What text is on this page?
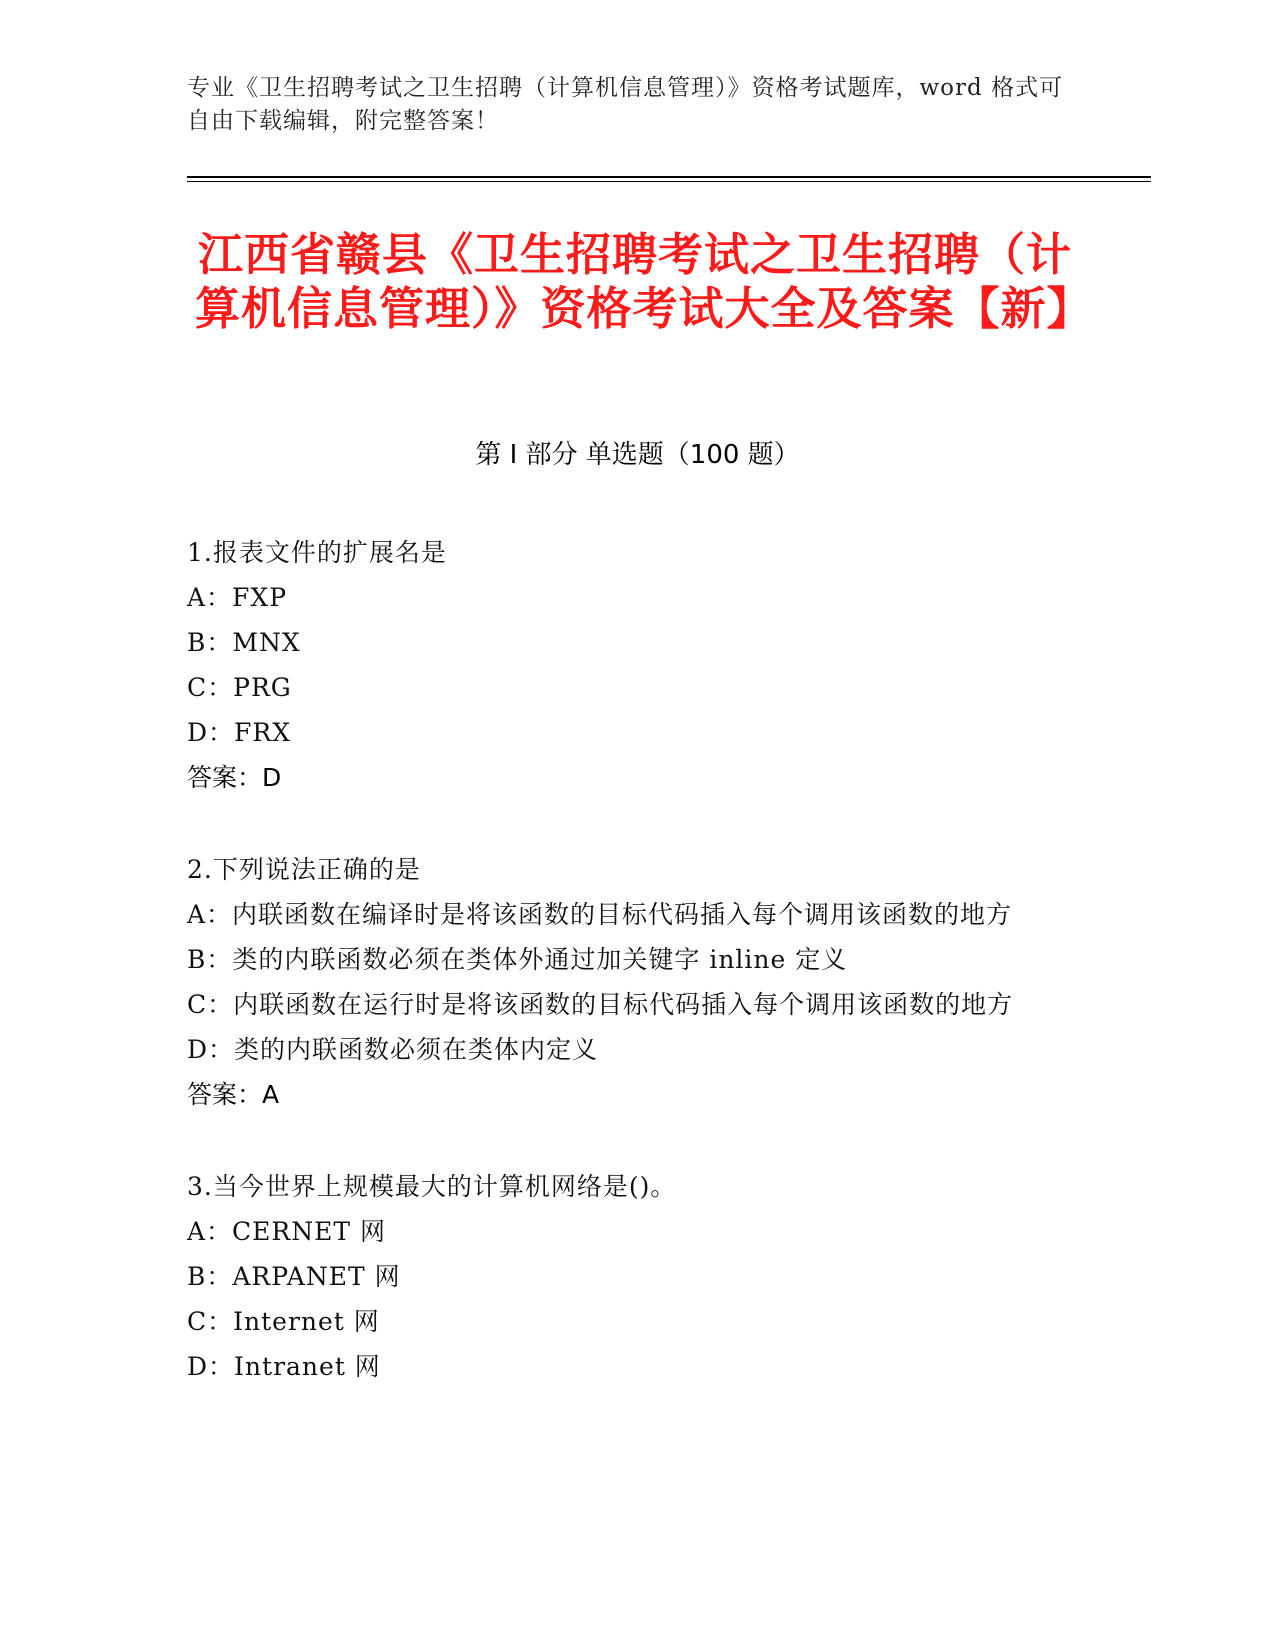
专业《卫生招聘考试之卫生招聘（计算机信息管理）》资格考试题库，word 格式可自由下载编辑，附完整答案！
江西省赣县《卫生招聘考试之卫生招聘（计算机信息管理）》资格考试大全及答案【新】
第 I 部分 单选题（100 题）
1.报表文件的扩展名是
A：FXP
B：MNX
C：PRG
D：FRX
答案：D
2.下列说法正确的是
A：内联函数在编译时是将该函数的目标代码插入每个调用该函数的地方
B：类的内联函数必须在类体外通过加关键字 inline 定义
C：内联函数在运行时是将该函数的目标代码插入每个调用该函数的地方
D：类的内联函数必须在类体内定义
答案：A
3.当今世界上规模最大的计算机网络是()。
A：CERNET 网
B：ARPANET 网
C：Internet 网
D：Intranet 网
